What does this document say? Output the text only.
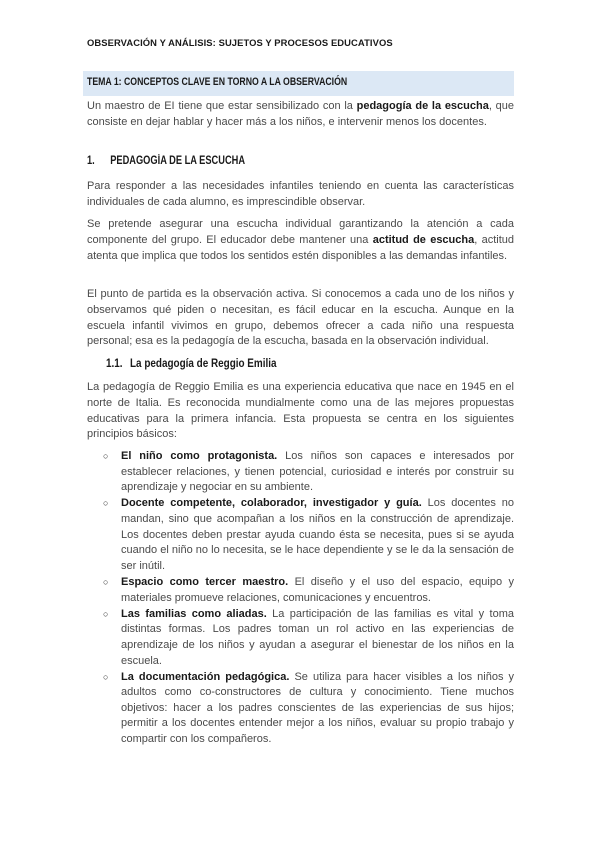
OBSERVACIÓN Y ANÁLISIS: SUJETOS Y PROCESOS EDUCATIVOS
TEMA 1: CONCEPTOS CLAVE EN TORNO A LA OBSERVACIÓN

Un maestro de EI tiene que estar sensibilizado con la pedagogía de la escucha, que consiste en dejar hablar y hacer más a los niños, e intervenir menos los docentes.

1. PEDAGOGÍA DE LA ESCUCHA

Para responder a las necesidades infantiles teniendo en cuenta las características individuales de cada alumno, es imprescindible observar.

Se pretende asegurar una escucha individual garantizando la atención a cada componente del grupo. El educador debe mantener una actitud de escucha, actitud atenta que implica que todos los sentidos estén disponibles a las demandas infantiles.

El punto de partida es la observación activa. Si conocemos a cada uno de los niños y observamos qué piden o necesitan, es fácil educar en la escucha. Aunque en la escuela infantil vivimos en grupo, debemos ofrecer a cada niño una respuesta personal; esa es la pedagogía de la escucha, basada en la observación individual.

1.1. La pedagogía de Reggio Emilia

La pedagogía de Reggio Emilia es una experiencia educativa que nace en 1945 en el norte de Italia. Es reconocida mundialmente como una de las mejores propuestas educativas para la primera infancia. Esta propuesta se centra en los siguientes principios básicos:

○ El niño como protagonista. Los niños son capaces e interesados por establecer relaciones, y tienen potencial, curiosidad e interés por construir su aprendizaje y negociar en su ambiente.
○ Docente competente, colaborador, investigador y guía. Los docentes no mandan, sino que acompañan a los niños en la construcción de aprendizaje. Los docentes deben prestar ayuda cuando ésta se necesita, pues si se ayuda cuando el niño no lo necesita, se le hace dependiente y se le da la sensación de ser inútil.
○ Espacio como tercer maestro. El diseño y el uso del espacio, equipo y materiales promueve relaciones, comunicaciones y encuentros.
○ Las familias como aliadas. La participación de las familias es vital y toma distintas formas. Los padres toman un rol activo en las experiencias de aprendizaje de los niños y ayudan a asegurar el bienestar de los niños en la escuela.
○ La documentación pedagógica. Se utiliza para hacer visibles a los niños y adultos como co-constructores de cultura y conocimiento. Tiene muchos objetivos: hacer a los padres conscientes de las experiencias de sus hijos; permitir a los docentes entender mejor a los niños, evaluar su propio trabajo y compartir con los compañeros.
